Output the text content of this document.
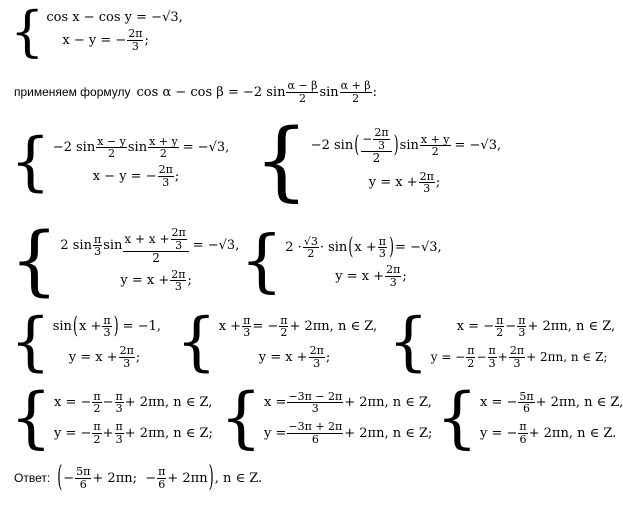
{ cos x − cos y = −√3,
x − y = − $\frac{2\pi}{3}$ ;
применяем формулу cos α − cos β = −2 $\sin \frac{\alpha - \beta}{2}$ $\sin \frac{\alpha + \beta}{2}$ :
{ −2 $\sin \frac{x - y}{2}$ $\sin \frac{x + y}{2} = -√3$,
x − y = − $\frac{2\pi}{3}$ ; { −2 sin ( $\frac{- \frac{2\pi}{3}}{2}$ ) $\sin \frac{x + y}{2} = -√3$,
$y = x + \frac{2\pi}{3}$ ;
{ 2 $\sin \frac{\pi}{3}$ $\sin \frac{x + x + \frac{2\pi}{3}}{2} = -√3$,
$y = x + \frac{2\pi}{3}$ ; { $2 \cdot \frac{√3}{2} \cdot \sin$ ( $x + \frac{\pi}{3}$ ) = −√3,
$y = x + \frac{2\pi}{3}$ ;
{ sin ( $x + \frac{\pi}{3}$ ) = −1,
$y = x + \frac{2\pi}{3}$ ; { $x + \frac{\pi}{3}$ = − $\frac{\pi}{2} + 2\pi n$, n ∈ Z,
$y = x + \frac{2\pi}{3}$ ; { x = − $\frac{\pi}{2} - \frac{\pi}{3} + 2\pi n$, n ∈ Z,
y = − $\frac{\pi}{2} - \frac{\pi}{3} + \frac{2\pi}{3} + 2\pi n$, n ∈ Z;
{ x = − $\frac{\pi}{2} - \frac{\pi}{3} + 2\pi n$, n ∈ Z,
y = − $\frac{\pi}{2} + \frac{\pi}{3} + 2\pi n$, n ∈ Z; { $x = \frac{-3\pi - 2\pi}{3} + 2\pi n$, n ∈ Z,
$y = \frac{-3\pi + 2\pi}{6} + 2\pi n$, n ∈ Z; { x = − $\frac{5\pi}{6} + 2\pi n$, n ∈ Z,
y = − $\frac{\pi}{6} + 2\pi n$, n ∈ Z.
Ответ: ( − $\frac{5\pi}{6} + 2\pi n$;  − $\frac{\pi}{6} + 2\pi n$ ) , n ∈ Z.
